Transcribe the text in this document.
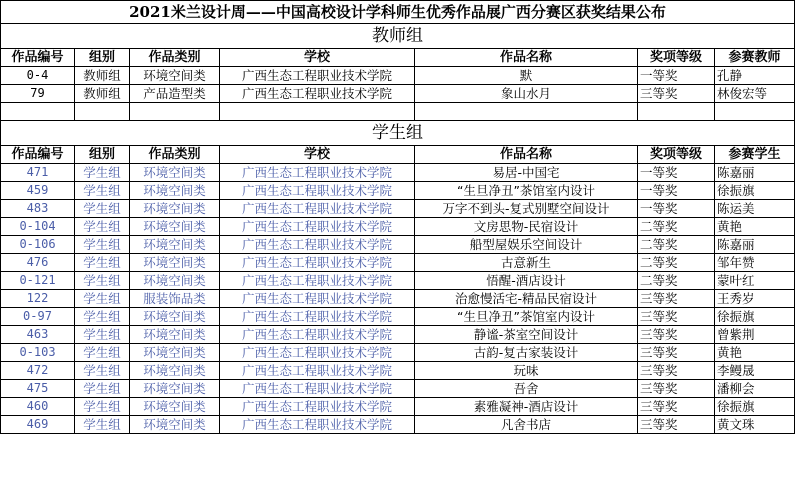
2021米兰设计周——中国高校设计学科师生优秀作品展广西分赛区获奖结果公布						
教师组						
作品编号	组别	作品类别	学校	作品名称	奖项等级	参赛教师
0-4	教师组	环境空间类	广西生态工程职业技术学院	默	一等奖	孔静
79	教师组	产品造型类	广西生态工程职业技术学院	象山水月	三等奖	林俊宏等

学生组						
作品编号	组别	作品类别	学校	作品名称	奖项等级	参赛学生
471	学生组	环境空间类	广西生态工程职业技术学院	易居-中国宅	一等奖	陈嘉丽
459	学生组	环境空间类	广西生态工程职业技术学院	“生旦净丑”茶馆室内设计	一等奖	徐振旗
483	学生组	环境空间类	广西生态工程职业技术学院	万字不到头-复式别墅空间设计	一等奖	陈运美
0-104	学生组	环境空间类	广西生态工程职业技术学院	文房思物-民宿设计	二等奖	黄艳
0-106	学生组	环境空间类	广西生态工程职业技术学院	船型屋娱乐空间设计	二等奖	陈嘉丽
476	学生组	环境空间类	广西生态工程职业技术学院	古意新生	二等奖	邹年赞
0-121	学生组	环境空间类	广西生态工程职业技术学院	悟醒-酒店设计	二等奖	蒙叶红
122	学生组	服装饰品类	广西生态工程职业技术学院	治愈慢活宅-精品民宿设计	三等奖	王秀岁
0-97	学生组	环境空间类	广西生态工程职业技术学院	“生旦净丑”茶馆室内设计	三等奖	徐振旗
463	学生组	环境空间类	广西生态工程职业技术学院	静谧-茶室空间设计	三等奖	曾紫荆
0-103	学生组	环境空间类	广西生态工程职业技术学院	古韵-复古家装设计	三等奖	黄艳
472	学生组	环境空间类	广西生态工程职业技术学院	玩味	三等奖	李鳗晟
475	学生组	环境空间类	广西生态工程职业技术学院	吾舍	三等奖	潘柳会
460	学生组	环境空间类	广西生态工程职业技术学院	素雅凝神-酒店设计	三等奖	徐振旗
469	学生组	环境空间类	广西生态工程职业技术学院	凡舍书店	三等奖	黄文珠
